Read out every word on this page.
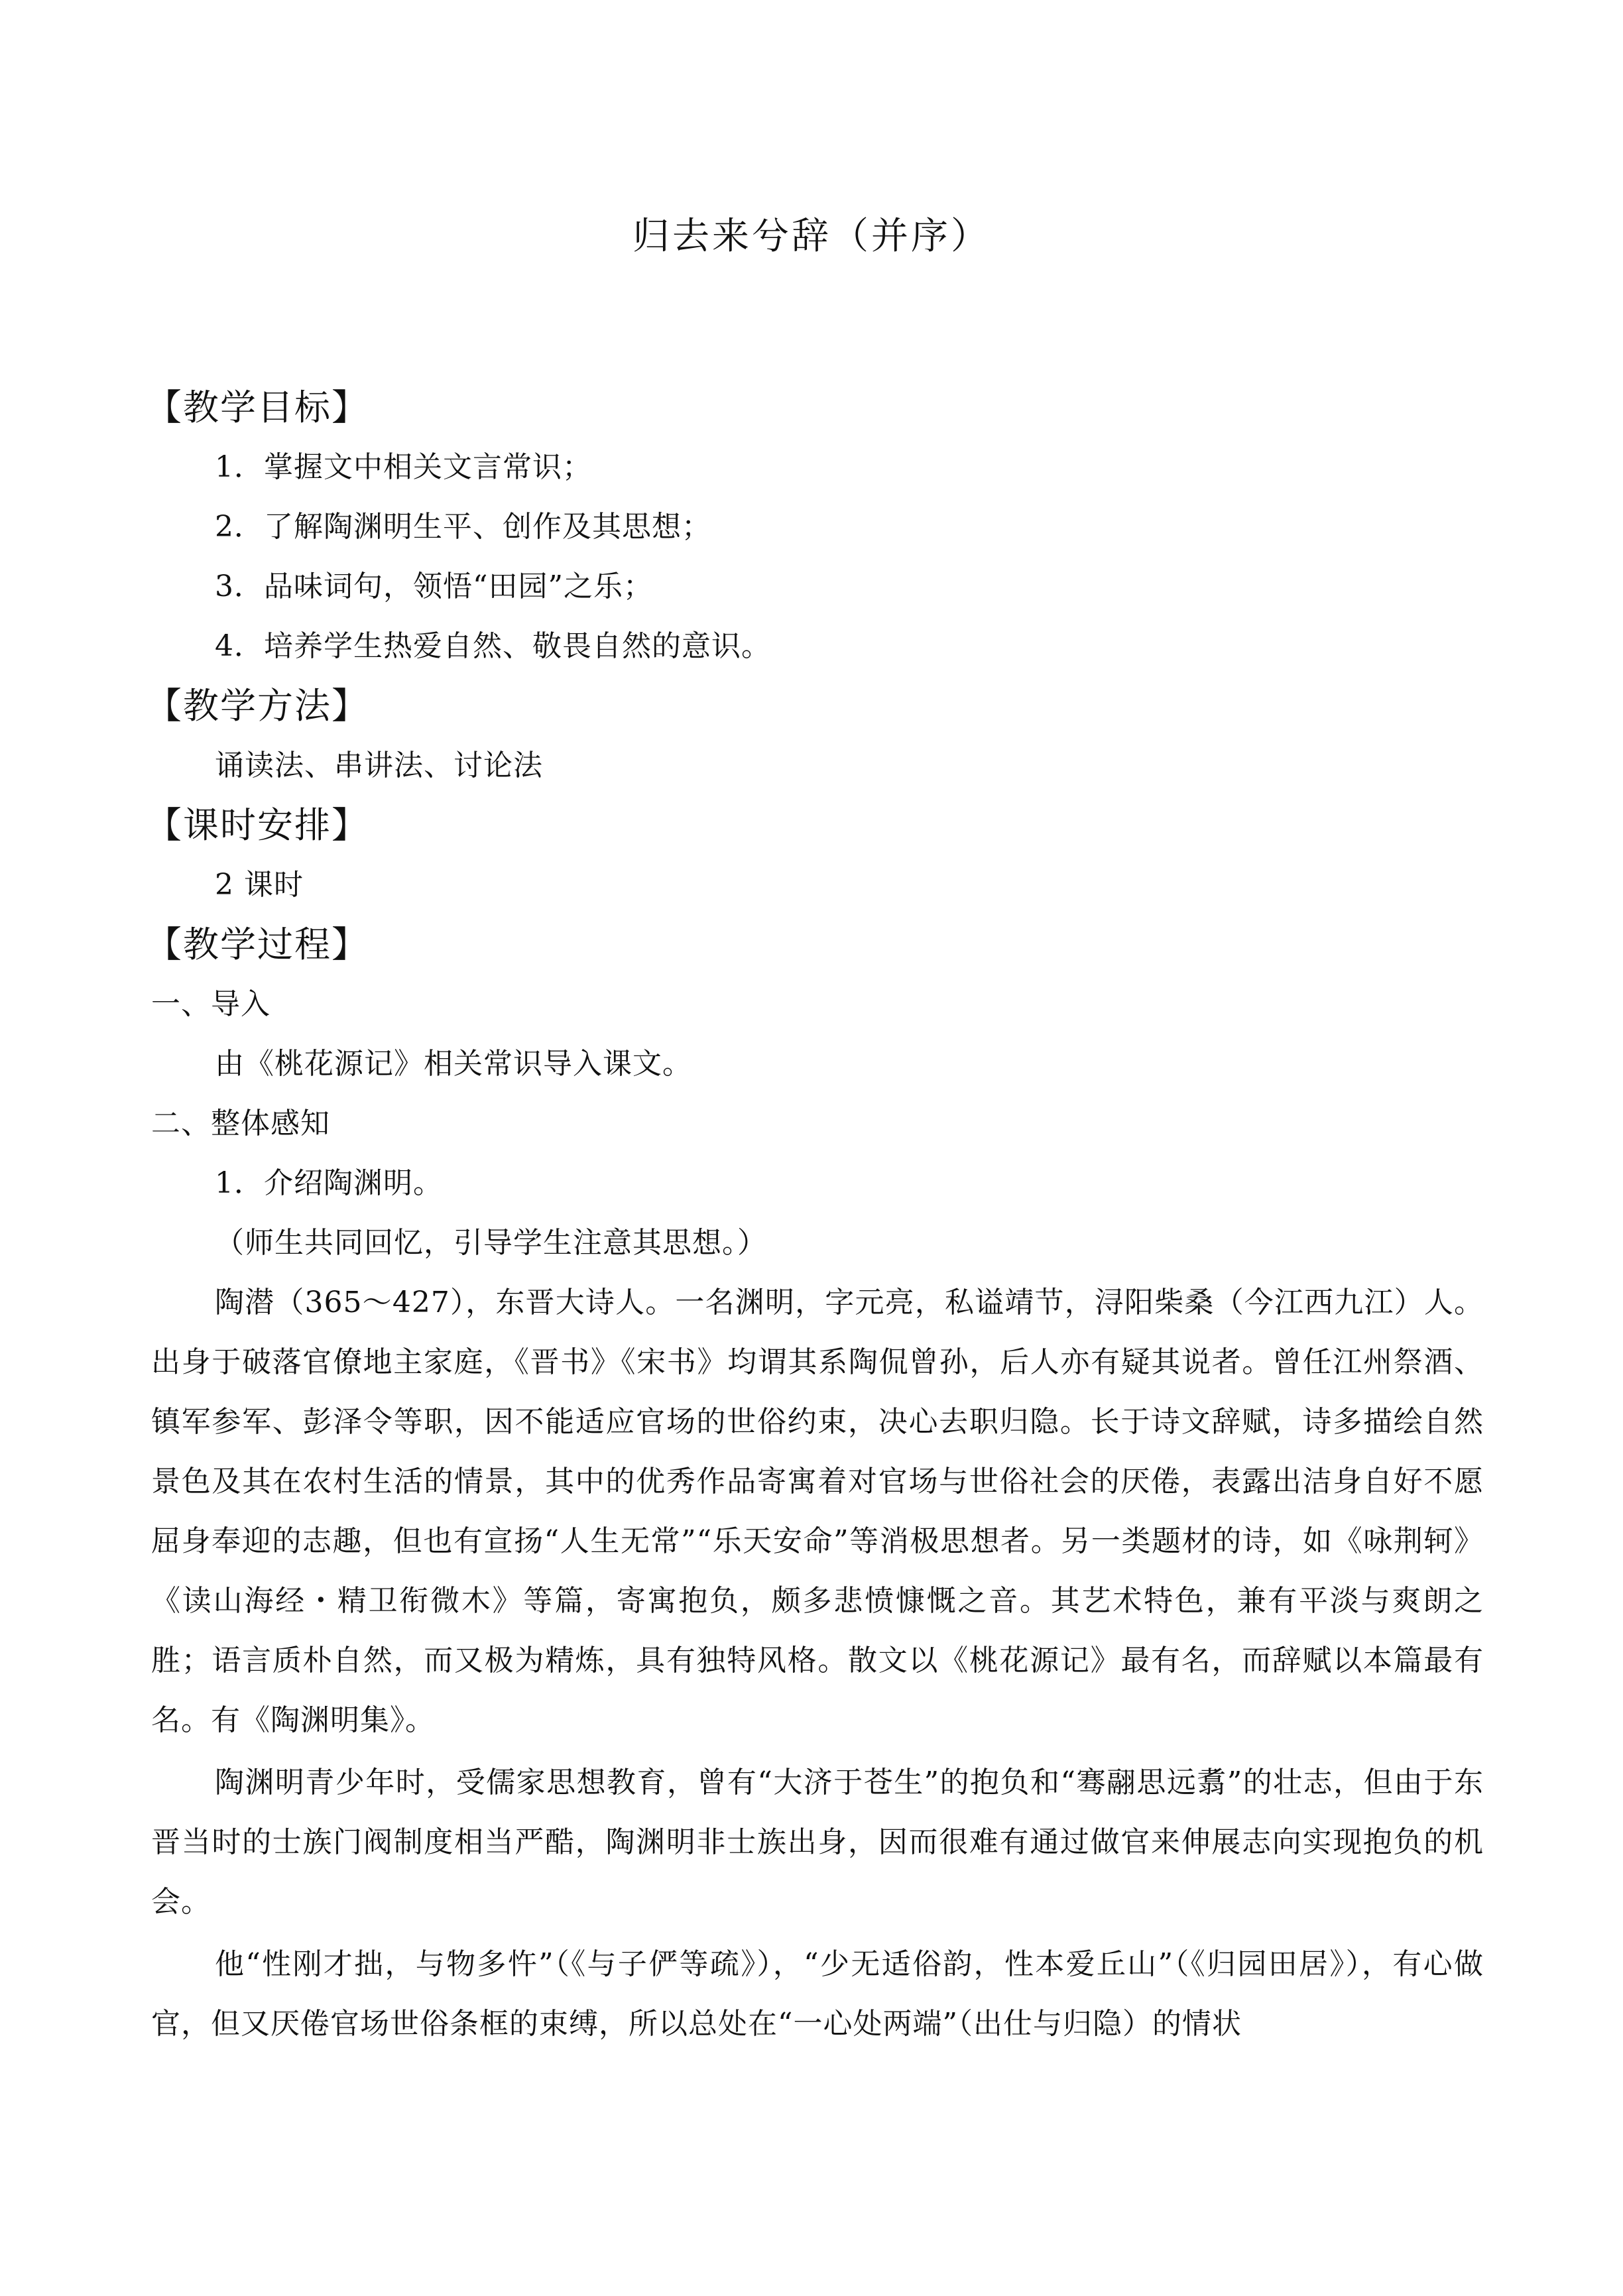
归去来兮辞（并序）

【教学目标】

1．掌握文中相关文言常识；

2．了解陶渊明生平、创作及其思想；

3．品味词句，领悟“田园”之乐；

4．培养学生热爱自然、敬畏自然的意识。

【教学方法】

诵读法、串讲法、讨论法

【课时安排】

2 课时

【教学过程】

一、导入

由《桃花源记》相关常识导入课文。

二、整体感知

1．介绍陶渊明。

（师生共同回忆，引导学生注意其思想。）

陶潜（365～427），东晋大诗人。一名渊明，字元亮，私谥靖节，浔阳柴桑（今江西九江）人。出身于破落官僚地主家庭，《晋书》《宋书》均谓其系陶侃曾孙，后人亦有疑其说者。曾任江州祭酒、镇军参军、彭泽令等职，因不能适应官场的世俗约束，决心去职归隐。长于诗文辞赋，诗多描绘自然景色及其在农村生活的情景，其中的优秀作品寄寓着对官场与世俗社会的厌倦，表露出洁身自好不愿屈身奉迎的志趣，但也有宣扬“人生无常”“乐天安命”等消极思想者。另一类题材的诗，如《咏荆轲》《读山海经・精卫衔微木》等篇，寄寓抱负，颇多悲愤慷慨之音。其艺术特色，兼有平淡与爽朗之胜；语言质朴自然，而又极为精炼，具有独特风格。散文以《桃花源记》最有名，而辞赋以本篇最有名。有《陶渊明集》。

陶渊明青少年时，受儒家思想教育，曾有“大济于苍生”的抱负和“骞翮思远翥”的壮志，但由于东晋当时的士族门阀制度相当严酷，陶渊明非士族出身，因而很难有通过做官来伸展志向实现抱负的机会。

他“性刚才拙，与物多忤”（《与子俨等疏》），“少无适俗韵，性本爱丘山”（《归园田居》），有心做官，但又厌倦官场世俗条框的束缚，所以总处在“一心处两端”（出仕与归隐）的情状
